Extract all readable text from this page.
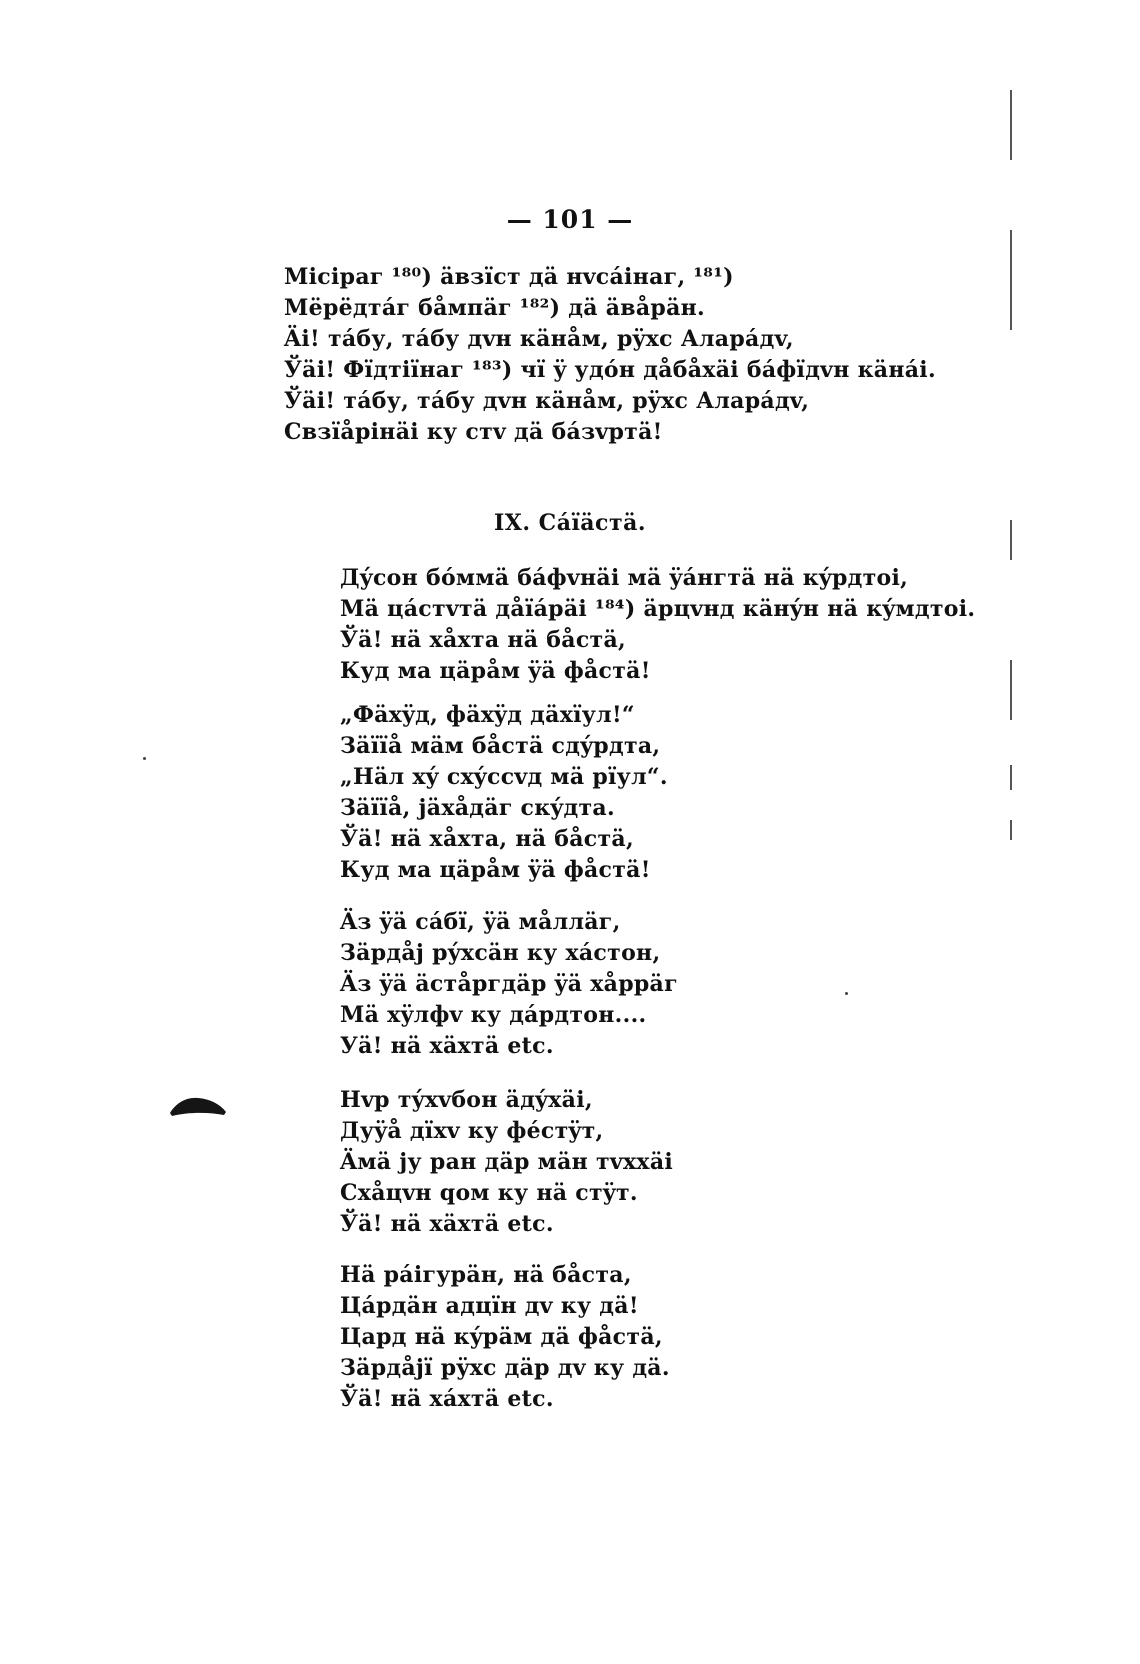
— 101 —
Мiсiраг ¹⁸⁰) äвзïст дä нvсáiнаг, ¹⁸¹)
Мëрëдтáг бåмпäг ¹⁸²) дä äвåрäн.
Äi! тáбу, тáбу дvн кäнåм, рÿхс Аларáдv,
Ўäi! Фïдтiïнаг ¹⁸³) чï ÿ удóн дåбåхäi бáфïдvн кäнái.
Ўäi! тáбу, тáбу дvн кäнåм, рÿхс Аларáдv,
Свзïåрiнäi ку стv дä бáзvртä!
IX. Сáïäстä.
Дýсон бóммä бáфvнäi мä ÿáнгтä нä кýрдтоi,
Мä цáстvтä дåïáрäi ¹⁸⁴) äрцvнд кäнýн нä кýмдтоi.
Ўä! нä хåхта нä бåстä,
Куд ма цäрåм ÿä фåстä!
„Фäхÿд, фäхÿд дäхïул!“
Зäïïå мäм бåстä сдýрдта,
„Нäл хý схýссvд мä рïул“.
Зäïïå, jäхåдäг скýдта.
Ўä! нä хåхта, нä бåстä,
Куд ма цäрåм ÿä фåстä!
Äз ÿä сáбï, ÿä мåллäг,
Зäрдåj рýхсäн ку хáстон,
Äз ÿä äстåргдäр ÿä хåррäг
Мä хÿлфv ку дáрдтон....
Уä! нä хäхтä etc.
Нvр тýхvбон äдýхäi,
Дуÿå дïхv ку фéстÿт,
Äмä jу ран дäр мäн тvххäi
Схåцvн qом ку нä стÿт.
Ўä! нä хäхтä etc.
Нä рáiгурäн, нä бåста,
Цáрдäн адцïн дv ку дä!
Цард нä кýрäм дä фåстä,
Зäрдåjï рÿхс дäр дv ку дä.
Ўä! нä хáхтä etc.
